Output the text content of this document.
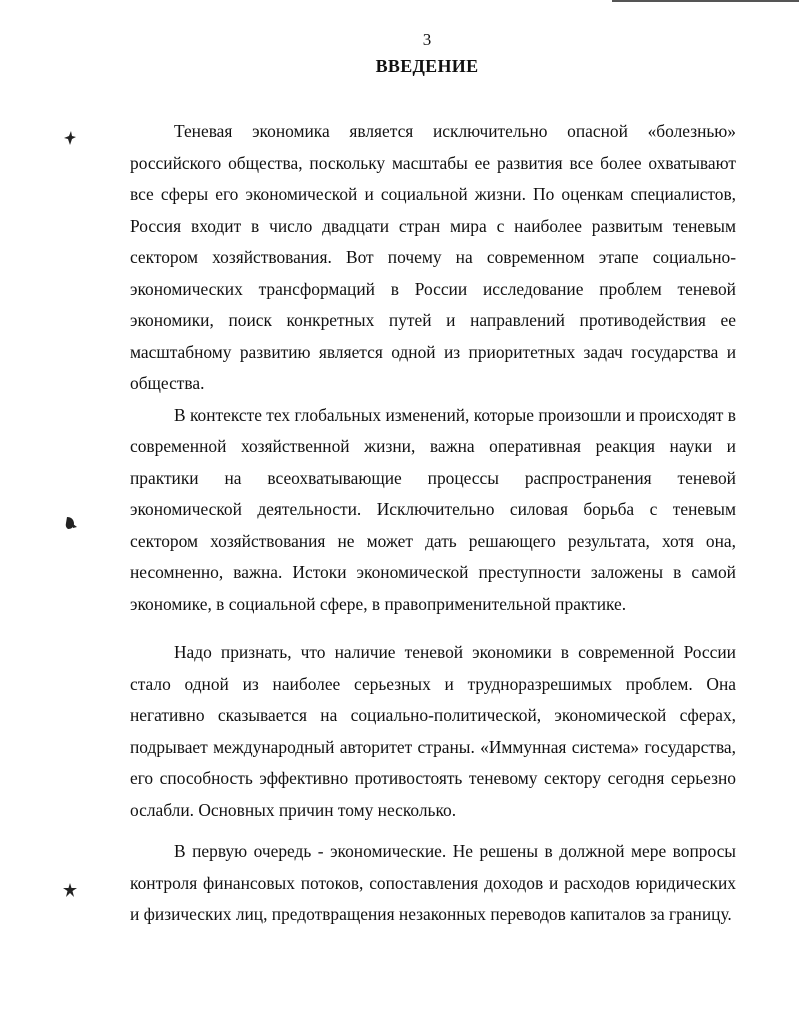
3
ВВЕДЕНИЕ

Теневая экономика является исключительно опасной «болезнью» российского общества, поскольку масштабы ее развития все более охватывают все сферы его экономической и социальной жизни. По оценкам специалистов, Россия входит в число двадцати стран мира с наиболее развитым теневым сектором хозяйствования. Вот почему на современном этапе социально-экономических трансформаций в России исследование проблем теневой экономики, поиск конкретных путей и направлений противодействия ее масштабному развитию является одной из приоритетных задач государства и общества.

В контексте тех глобальных изменений, которые произошли и происходят в современной хозяйственной жизни, важна оперативная реакция науки и практики на всеохватывающие процессы распространения теневой экономической деятельности. Исключительно силовая борьба с теневым сектором хозяйствования не может дать решающего результата, хотя она, несомненно, важна. Истоки экономической преступности заложены в самой экономике, в социальной сфере, в правоприменительной практике.

Надо признать, что наличие теневой экономики в современной России стало одной из наиболее серьезных и трудноразрешимых проблем. Она негативно сказывается на социально-политической, экономической сферах, подрывает международный авторитет страны. «Иммунная система» государства, его способность эффективно противостоять теневому сектору сегодня серьезно ослабли. Основных причин тому несколько.

В первую очередь - экономические. Не решены в должной мере вопросы контроля финансовых потоков, сопоставления доходов и расходов юридических и физических лиц, предотвращения незаконных переводов капиталов за границу.
